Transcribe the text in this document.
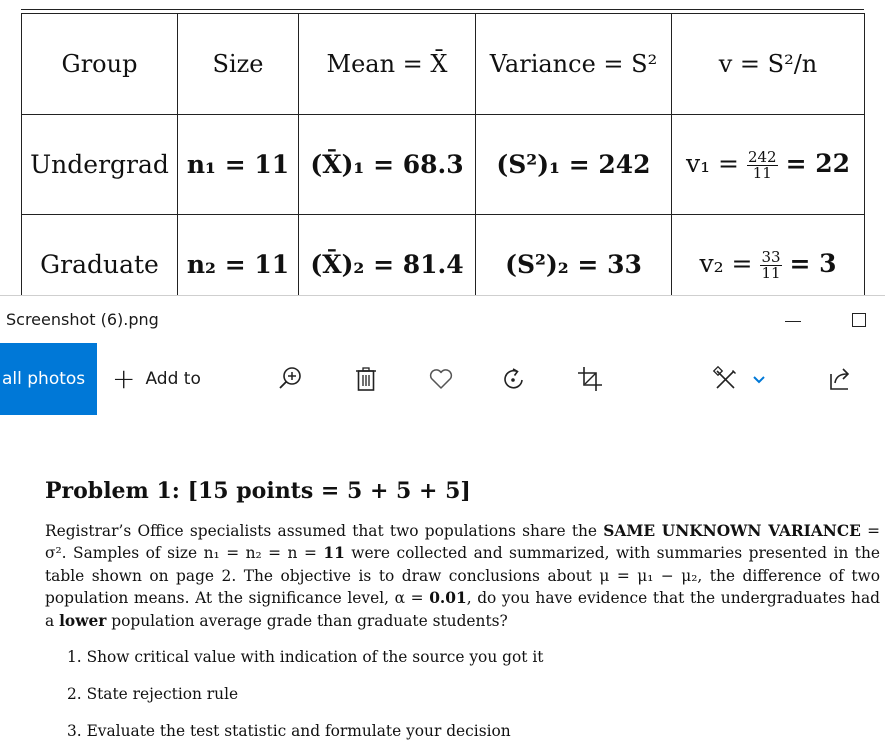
Group	Size	Mean = X̄	Variance = S²	v = S²/n
Undergrad	n₁ = 11	(X̄)₁ = 68.3	(S²)₁ = 242	$v_1 = \frac{242}{11} = 22$
Graduate	n₂ = 11	(X̄)₂ = 81.4	(S²)₂ = 33	$v_2 = \frac{33}{11} = 3$
Screenshot (6).png
all photos + Add to
Problem 1: [15 points = 5 + 5 + 5]

Registrar’s Office specialists assumed that two populations share the SAME UNKNOWN VARIANCE = σ². Samples of size n₁ = n₂ = n = 11 were collected and summarized, with summaries presented in the table shown on page 2. The objective is to draw conclusions about μ = μ₁ − μ₂, the difference of two population means. At the significance level, α = 0.01, do you have evidence that the undergraduates had a lower population average grade than graduate students?

1. Show critical value with indication of the source you got it
2. State rejection rule
3. Evaluate the test statistic and formulate your decision
